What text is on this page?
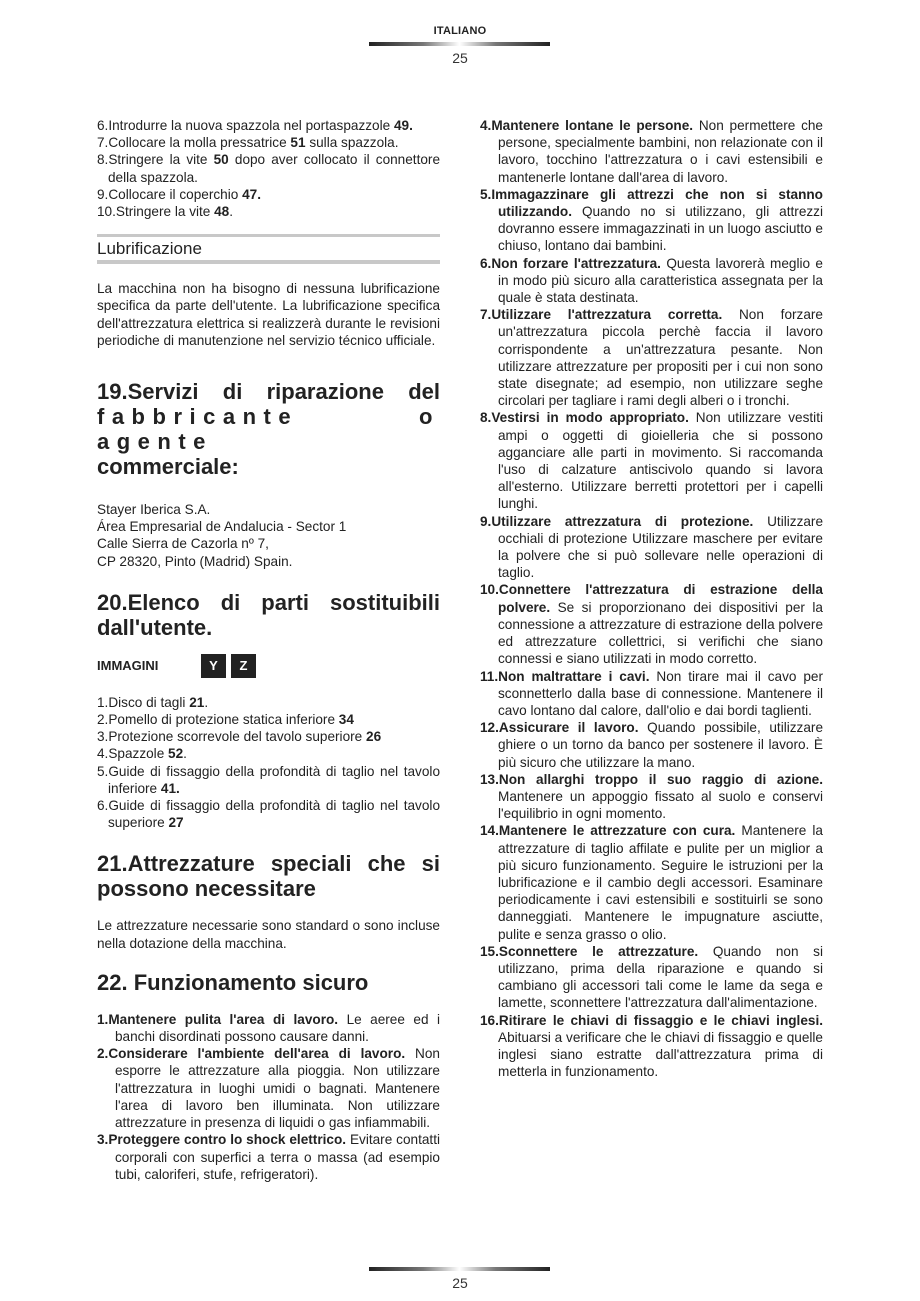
ITALIANO
25

6.Introdurre la nuova spazzola nel portaspazzole 49.

7.Collocare la molla pressatrice 51 sulla spazzola.

8.Stringere la vite 50 dopo aver collocato il connettore della spazzola.

9.Collocare il coperchio 47.

10.Stringere la vite 48.

Lubrificazione

La macchina non ha bisogno di nessuna lubrificazione specifica da parte dell'utente. La lubrificazione specifica dell'attrezzatura elettrica si realizzerà durante le revisioni periodiche di manutenzione nel servizio técnico ufficiale.

19.Servizi di riparazione del
fabbricante o agente
commerciale:

Stayer Iberica S.A.

Área Empresarial de Andalucia - Sector 1

Calle Sierra de Cazorla nº 7,

CP 28320, Pinto (Madrid) Spain.

20.Elenco di parti sostituibili dall'utente.
IMMAGINI	Y	Z

1.Disco di tagli 21.

2.Pomello di protezione statica inferiore 34

3.Protezione scorrevole del tavolo superiore 26

4.Spazzole 52.

5.Guide di fissaggio della profondità di taglio nel tavolo inferiore 41.

6.Guide di fissaggio della profondità di taglio nel tavolo superiore 27

21.Attrezzature speciali che si possono necessitare

Le attrezzature necessarie sono standard o sono incluse nella dotazione della macchina.

22. Funzionamento sicuro

1.Mantenere pulita l'area di lavoro. Le aeree ed i banchi disordinati possono causare danni.

2.Considerare l'ambiente dell'area di lavoro. Non esporre le attrezzature alla pioggia. Non utilizzare l'attrezzatura in luoghi umidi o bagnati. Mantenere l'area di lavoro ben illuminata. Non utilizzare attrezzature in presenza di liquidi o gas infiammabili.

3.Proteggere contro lo shock elettrico. Evitare contatti corporali con superfici a terra o massa (ad esempio tubi, caloriferi, stufe, refrigeratori).

4.Mantenere lontane le persone. Non permettere che persone, specialmente bambini, non relazionate con il lavoro, tocchino l'attrezzatura o i cavi estensibili e mantenerle lontane dall'area di lavoro.

5.Immagazzinare gli attrezzi che non si stanno utilizzando. Quando no si utilizzano, gli attrezzi dovranno essere immagazzinati in un luogo asciutto e chiuso, lontano dai bambini.

6.Non forzare l'attrezzatura. Questa lavorerà meglio e in modo più sicuro alla caratteristica assegnata per la quale è stata destinata.

7.Utilizzare l'attrezzatura corretta. Non forzare un'attrezzatura piccola perchè faccia il lavoro corrispondente a un'attrezzatura pesante. Non utilizzare attrezzature per propositi per i cui non sono state disegnate; ad esempio, non utilizzare seghe circolari per tagliare i rami degli alberi o i tronchi.

8.Vestirsi in modo appropriato. Non utilizzare vestiti ampi o oggetti di gioielleria che si possono agganciare alle parti in movimento. Si raccomanda l'uso di calzature antiscivolo quando si lavora all'esterno. Utilizzare berretti protettori per i capelli lunghi.

9.Utilizzare attrezzatura di protezione. Utilizzare occhiali di protezione Utilizzare maschere per evitare la polvere che si può sollevare nelle operazioni di taglio.

10.Connettere l'attrezzatura di estrazione della polvere. Se si proporzionano dei dispositivi per la connessione a attrezzature di estrazione della polvere ed attrezzature collettrici, si verifichi che siano connessi e siano utilizzati in modo corretto.

11.Non maltrattare i cavi. Non tirare mai il cavo per sconnetterlo dalla base di connessione. Mantenere il cavo lontano dal calore, dall'olio e dai bordi taglienti.

12.Assicurare il lavoro. Quando possibile, utilizzare ghiere o un torno da banco per sostenere il lavoro. È più sicuro che utilizzare la mano.

13.Non allarghi troppo il suo raggio di azione. Mantenere un appoggio fissato al suolo e conservi l'equilibrio in ogni momento.

14.Mantenere le attrezzature con cura. Mantenere la attrezzature di taglio affilate e pulite per un miglior a più sicuro funzionamento. Seguire le istruzioni per la lubrificazione e il cambio degli accessori. Esaminare periodicamente i cavi estensibili e sostituirli se sono danneggiati. Mantenere le impugnature asciutte, pulite e senza grasso o olio.

15.Sconnettere le attrezzature. Quando non si utilizzano, prima della riparazione e quando si cambiano gli accessori tali come le lame da sega e lamette, sconnettere l'attrezzatura dall'alimentazione.

16.Ritirare le chiavi di fissaggio e le chiavi inglesi. Abituarsi a verificare che le chiavi di fissaggio e quelle inglesi siano estratte dall'attrezzatura prima di metterla in funzionamento.

25
